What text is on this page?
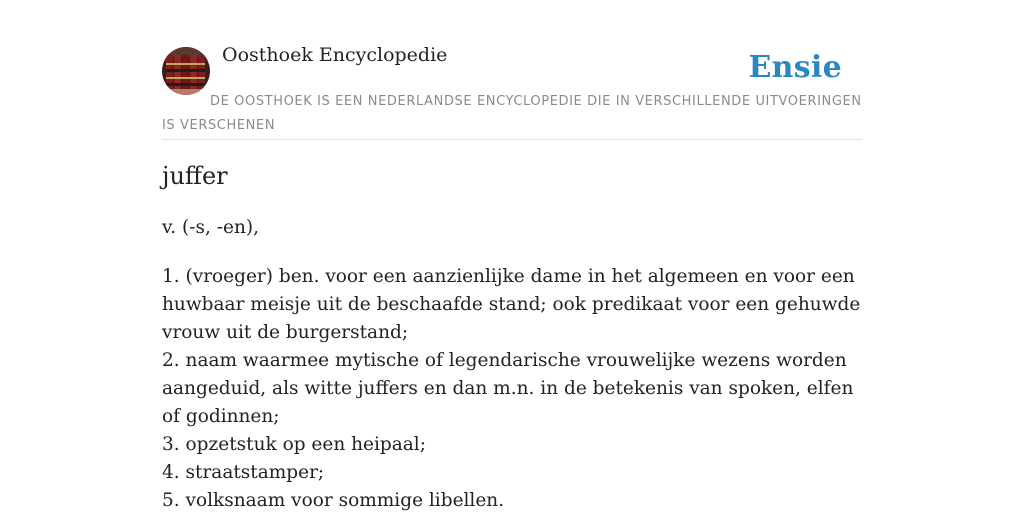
Oosthoek Encyclopedie	Ensie
DE OOSTHOEK IS EEN NEDERLANDSE ENCYCLOPEDIE DIE IN VERSCHILLENDE UITVOERINGEN IS VERSCHENEN
juffer

v. (-s, -en),

1. (vroeger) ben. voor een aanzienlijke dame in het algemeen en voor een huwbaar meisje uit de beschaafde stand; ook predikaat voor een gehuwde vrouw uit de burgerstand;
2. naam waarmee mytische of legendarische vrouwelijke wezens worden aangeduid, als witte juffers en dan m.n. in de betekenis van spoken, elfen of godinnen;
3. opzetstuk op een heipaal;
4. straatstamper;
5. volksnaam voor sommige libellen.
